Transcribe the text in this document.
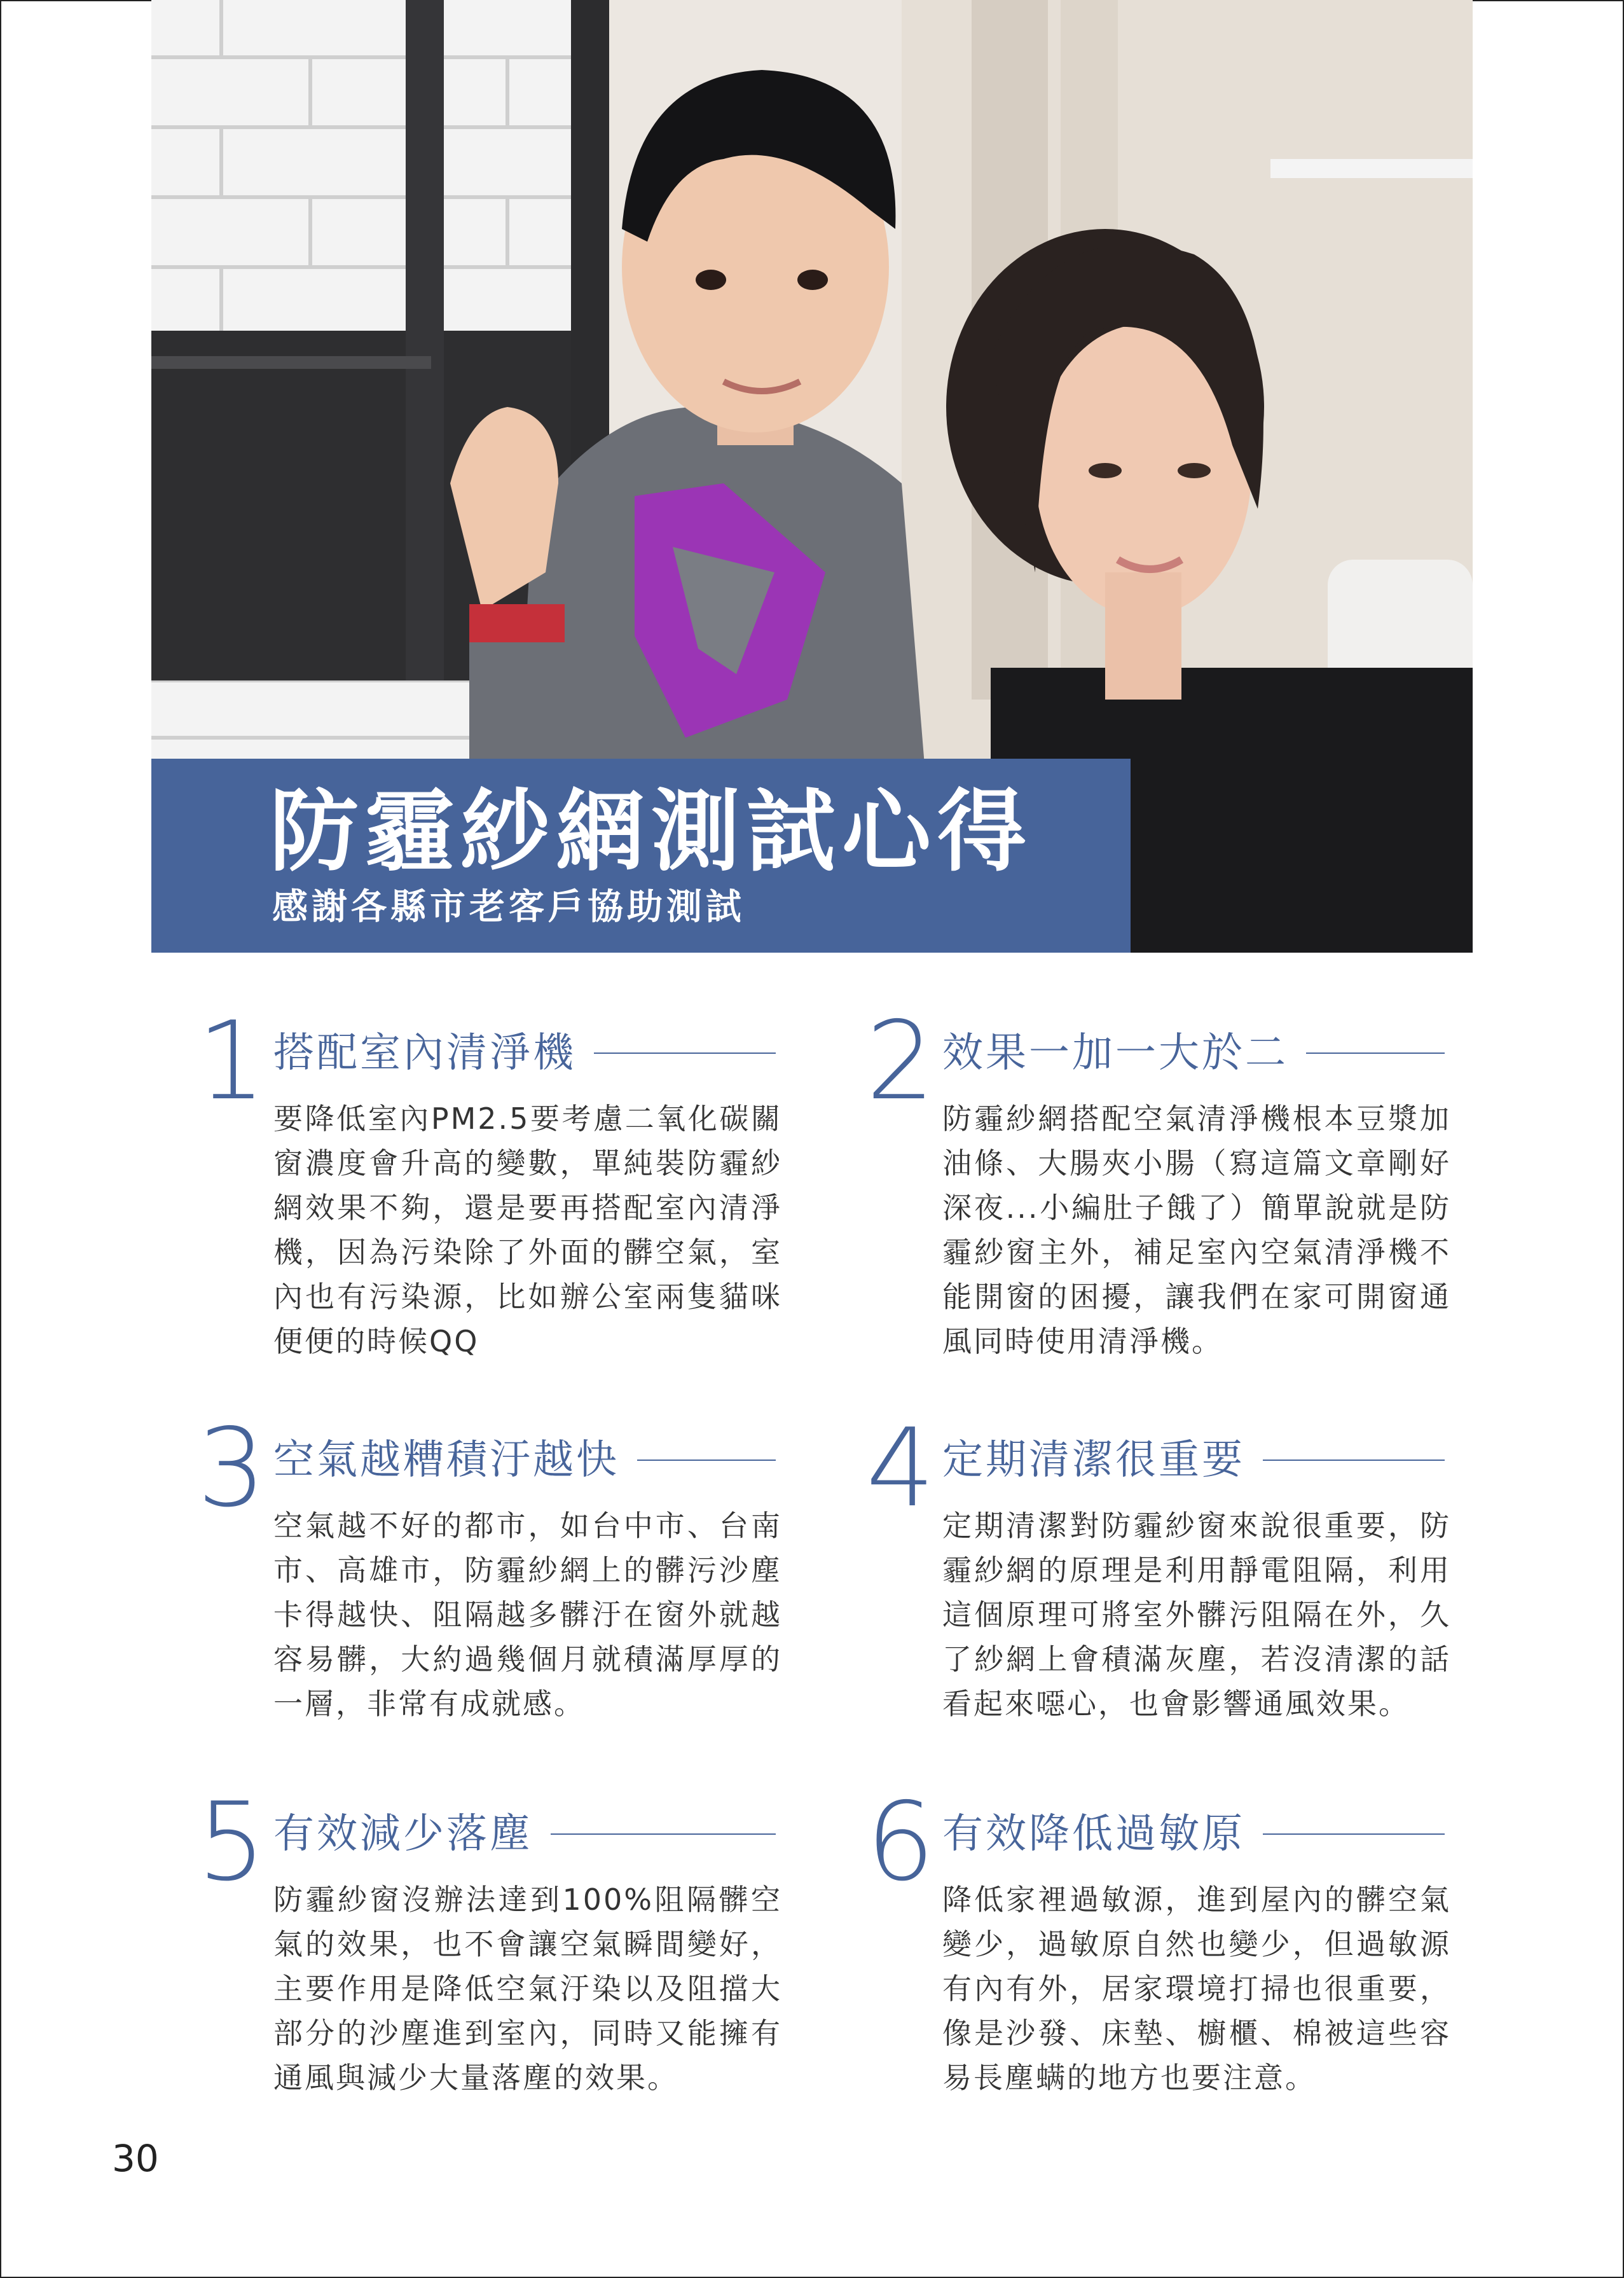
防霾紗網測試心得
感謝各縣市老客戶協助測試
1 搭配室內清淨機
要降低室內PM2.5要考慮二氧化碳關窗濃度會升高的變數，單純裝防霾紗網效果不夠，還是要再搭配室內清淨機，因為污染除了外面的髒空氣，室內也有污染源，比如辦公室兩隻貓咪便便的時候QQ
2 效果一加一大於二
防霾紗網搭配空氣清淨機根本豆漿加油條、大腸夾小腸（寫這篇文章剛好深夜...小編肚子餓了）簡單說就是防霾紗窗主外，補足室內空氣清淨機不能開窗的困擾，讓我們在家可開窗通風同時使用清淨機。
3 空氣越糟積汙越快
空氣越不好的都市，如台中市、台南市、高雄市，防霾紗網上的髒污沙塵卡得越快、阻隔越多髒汙在窗外就越容易髒，大約過幾個月就積滿厚厚的一層，非常有成就感。
4 定期清潔很重要
定期清潔對防霾紗窗來說很重要，防霾紗網的原理是利用靜電阻隔，利用這個原理可將室外髒污阻隔在外，久了紗網上會積滿灰塵，若沒清潔的話看起來噁心，也會影響通風效果。
5 有效減少落塵
防霾紗窗沒辦法達到100%阻隔髒空氣的效果，也不會讓空氣瞬間變好，主要作用是降低空氣汙染以及阻擋大部分的沙塵進到室內，同時又能擁有通風與減少大量落塵的效果。
6 有效降低過敏原
降低家裡過敏源，進到屋內的髒空氣變少，過敏原自然也變少，但過敏源有內有外，居家環境打掃也很重要，像是沙發、床墊、櫥櫃、棉被這些容易長塵螨的地方也要注意。
30
